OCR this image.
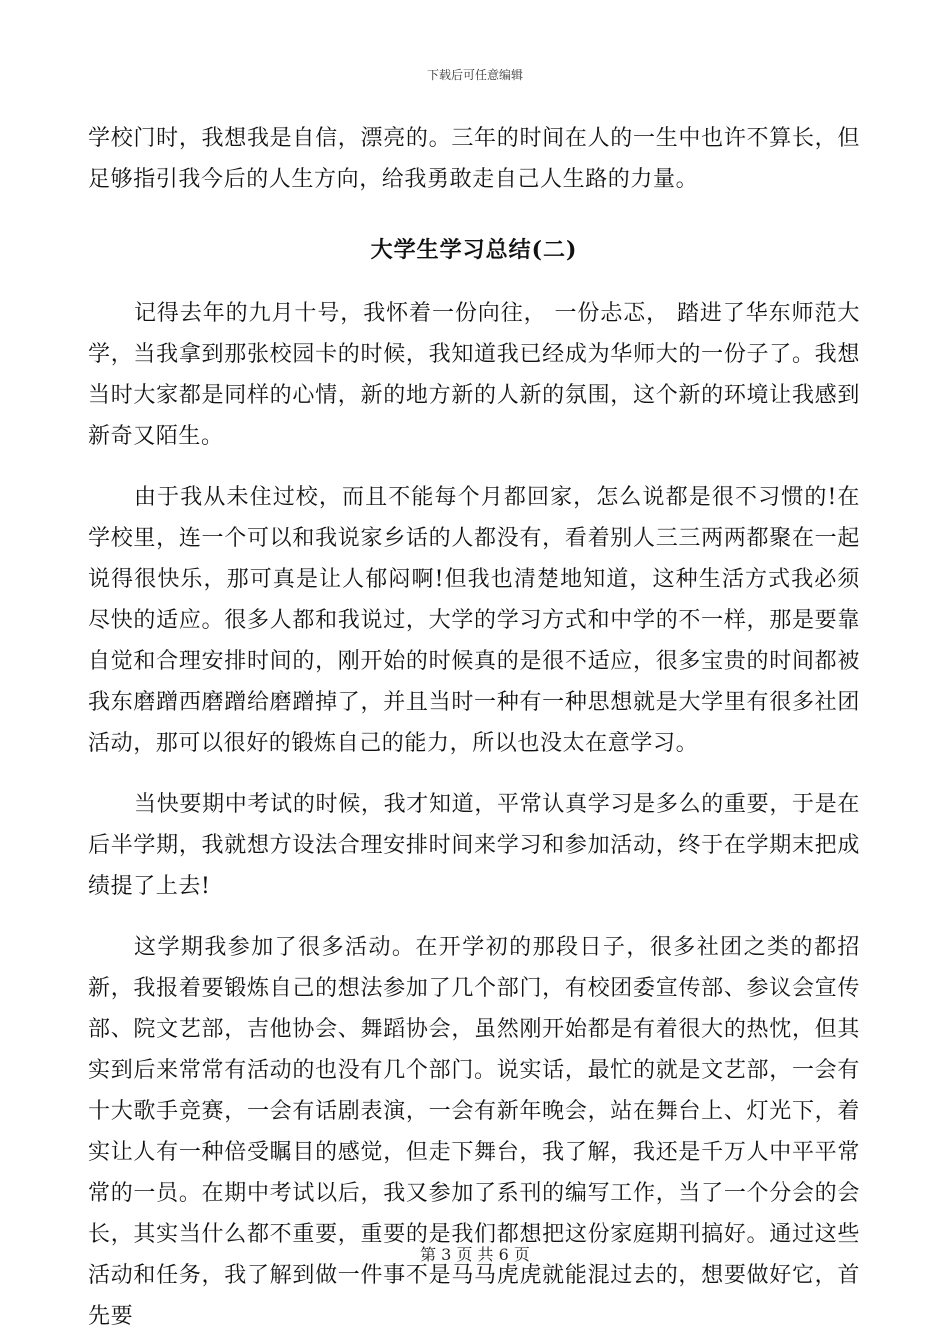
下载后可任意编辑

学校门时，我想我是自信，漂亮的。三年的时间在人的一生中也许不算长，但足够指引我今后的人生方向，给我勇敢走自己人生路的力量。

大学生学习总结(二)

记得去年的九月十号，我怀着一份向往， 一份忐忑， 踏进了华东师范大学，当我拿到那张校园卡的时候，我知道我已经成为华师大的一份子了。我想当时大家都是同样的心情，新的地方新的人新的氛围，这个新的环境让我感到新奇又陌生。

由于我从未住过校，而且不能每个月都回家，怎么说都是很不习惯的!在学校里，连一个可以和我说家乡话的人都没有，看着别人三三两两都聚在一起说得很快乐，那可真是让人郁闷啊!但我也清楚地知道，这种生活方式我必须尽快的适应。很多人都和我说过，大学的学习方式和中学的不一样，那是要靠自觉和合理安排时间的，刚开始的时候真的是很不适应，很多宝贵的时间都被我东磨蹭西磨蹭给磨蹭掉了，并且当时一种有一种思想就是大学里有很多社团活动，那可以很好的锻炼自己的能力，所以也没太在意学习。

当快要期中考试的时候，我才知道，平常认真学习是多么的重要，于是在后半学期，我就想方设法合理安排时间来学习和参加活动，终于在学期末把成绩提了上去!

这学期我参加了很多活动。在开学初的那段日子，很多社团之类的都招新，我报着要锻炼自己的想法参加了几个部门，有校团委宣传部、参议会宣传部、院文艺部，吉他协会、舞蹈协会，虽然刚开始都是有着很大的热忱，但其实到后来常常有活动的也没有几个部门。说实话，最忙的就是文艺部，一会有十大歌手竞赛，一会有话剧表演，一会有新年晚会，站在舞台上、灯光下，着实让人有一种倍受瞩目的感觉，但走下舞台，我了解，我还是千万人中平平常常的一员。在期中考试以后，我又参加了系刊的编写工作，当了一个分会的会长，其实当什么都不重要，重要的是我们都想把这份家庭期刊搞好。通过这些活动和任务，我了解到做一件事不是马马虎虎就能混过去的，想要做好它，首先要

第 3 页 共 6 页
